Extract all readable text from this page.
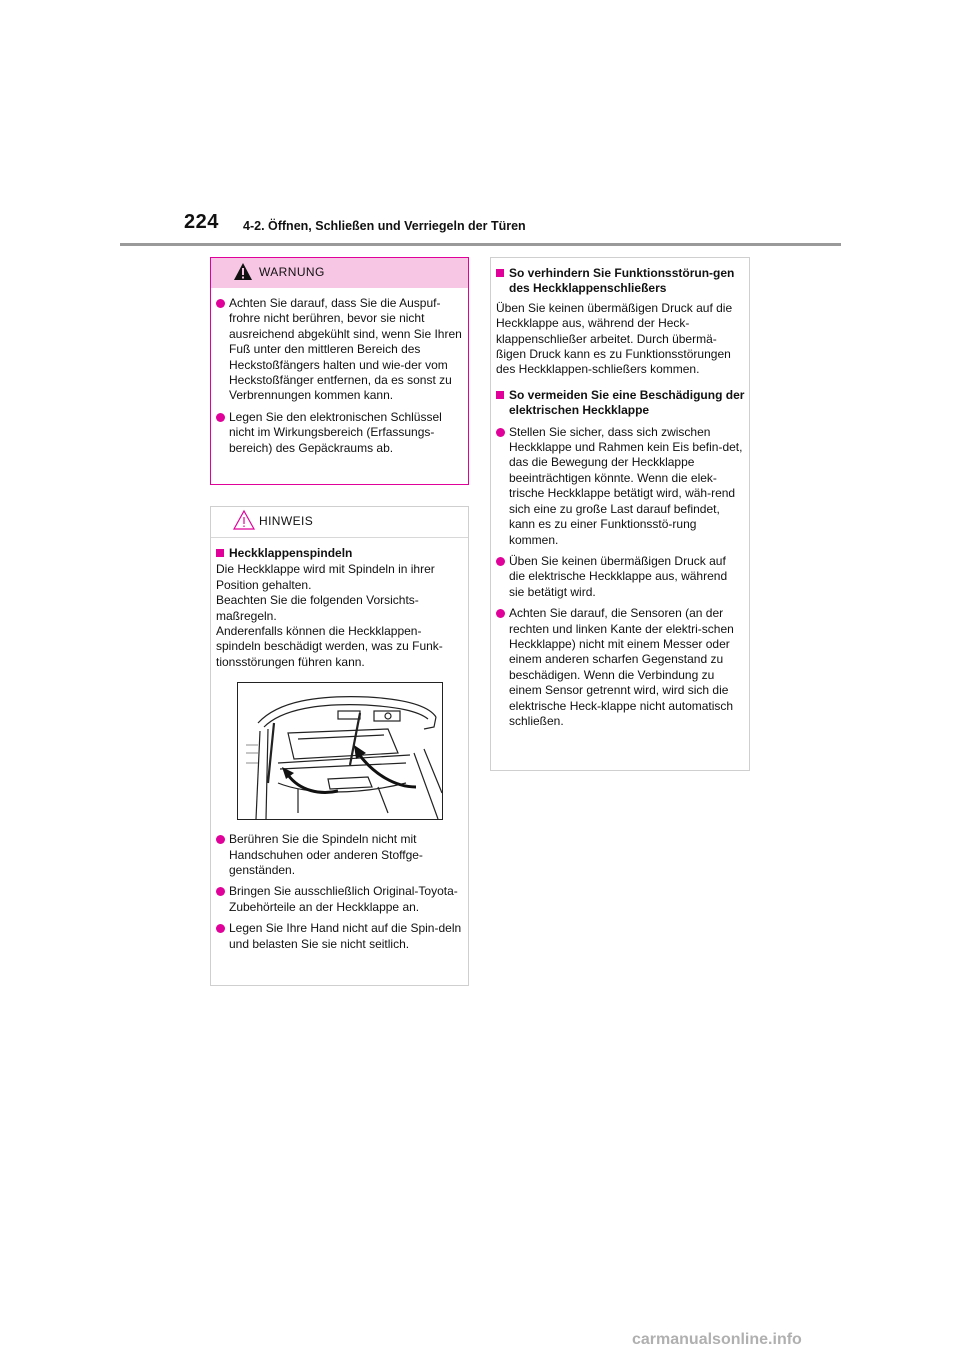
224 4-2. Öffnen, Schließen und Verriegeln der Türen
WARNUNG
Achten Sie darauf, dass Sie die Auspuf-frohre nicht berühren, bevor sie nicht ausreichend abgekühlt sind, wenn Sie Ihren Fuß unter den mittleren Bereich des Heckstoßfängers halten und wie-der vom Heckstoßfänger entfernen, da es sonst zu Verbrennungen kommen kann.
Legen Sie den elektronischen Schlüssel nicht im Wirkungsbereich (Erfassungs-bereich) des Gepäckraums ab.
HINWEIS
Heckklappenspindeln
Die Heckklappe wird mit Spindeln in ihrer Position gehalten.
Beachten Sie die folgenden Vorsichts-maßregeln.
Anderenfalls können die Heckklappen-spindeln beschädigt werden, was zu Funk-tionsstörungen führen kann.
Berühren Sie die Spindeln nicht mit Handschuhen oder anderen Stoffge-genständen.
Bringen Sie ausschließlich Original-Toyota-Zubehörteile an der Heckklappe an.
Legen Sie Ihre Hand nicht auf die Spin-deln und belasten Sie sie nicht seitlich.
So verhindern Sie Funktionsstörun-gen des Heckklappenschließers
Üben Sie keinen übermäßigen Druck auf die Heckklappe aus, während der Heck-klappenschließer arbeitet. Durch übermä-ßigen Druck kann es zu Funktionsstörungen des Heckklappen-schließers kommen.
So vermeiden Sie eine Beschädigung der elektrischen Heckklappe
Stellen Sie sicher, dass sich zwischen Heckklappe und Rahmen kein Eis befin-det, das die Bewegung der Heckklappe beeinträchtigen könnte. Wenn die elek-trische Heckklappe betätigt wird, wäh-rend sich eine zu große Last darauf befindet, kann es zu einer Funktionsstö-rung kommen.
Üben Sie keinen übermäßigen Druck auf die elektrische Heckklappe aus, während sie betätigt wird.
Achten Sie darauf, die Sensoren (an der rechten und linken Kante der elektri-schen Heckklappe) nicht mit einem Messer oder einem anderen scharfen Gegenstand zu beschädigen. Wenn die Verbindung zu einem Sensor getrennt wird, wird sich die elektrische Heck-klappe nicht automatisch schließen.
carmanualsonline.info
